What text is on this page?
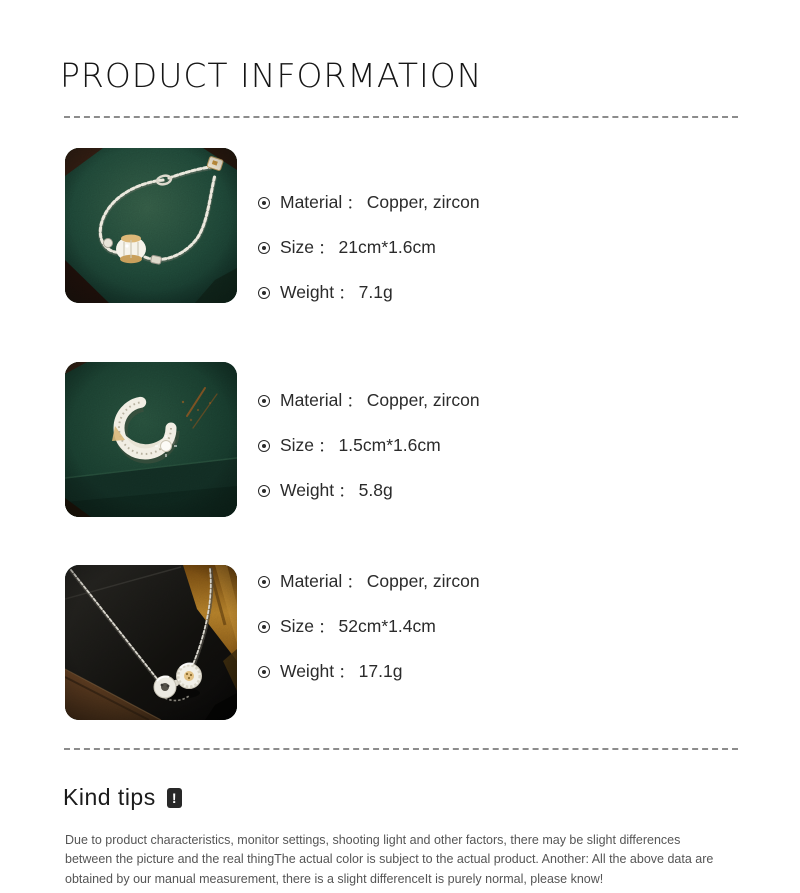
PRODUCT INFORMATION
Material ： Copper, zircon
Size ： 21cm*1.6cm
Weight ： 7.1g
Material ： Copper, zircon
Size ： 1.5cm*1.6cm
Weight ： 5.8g
Material ： Copper, zircon
Size ： 52cm*1.4cm
Weight ： 17.1g
Kind tips	!

Due to product characteristics, monitor settings, shooting light and other factors, there may be slight differences between the picture and the real thingThe actual color is subject to the actual product. Another: All the above data are obtained by our manual measurement, there is a slight differenceIt is purely normal, please know!
